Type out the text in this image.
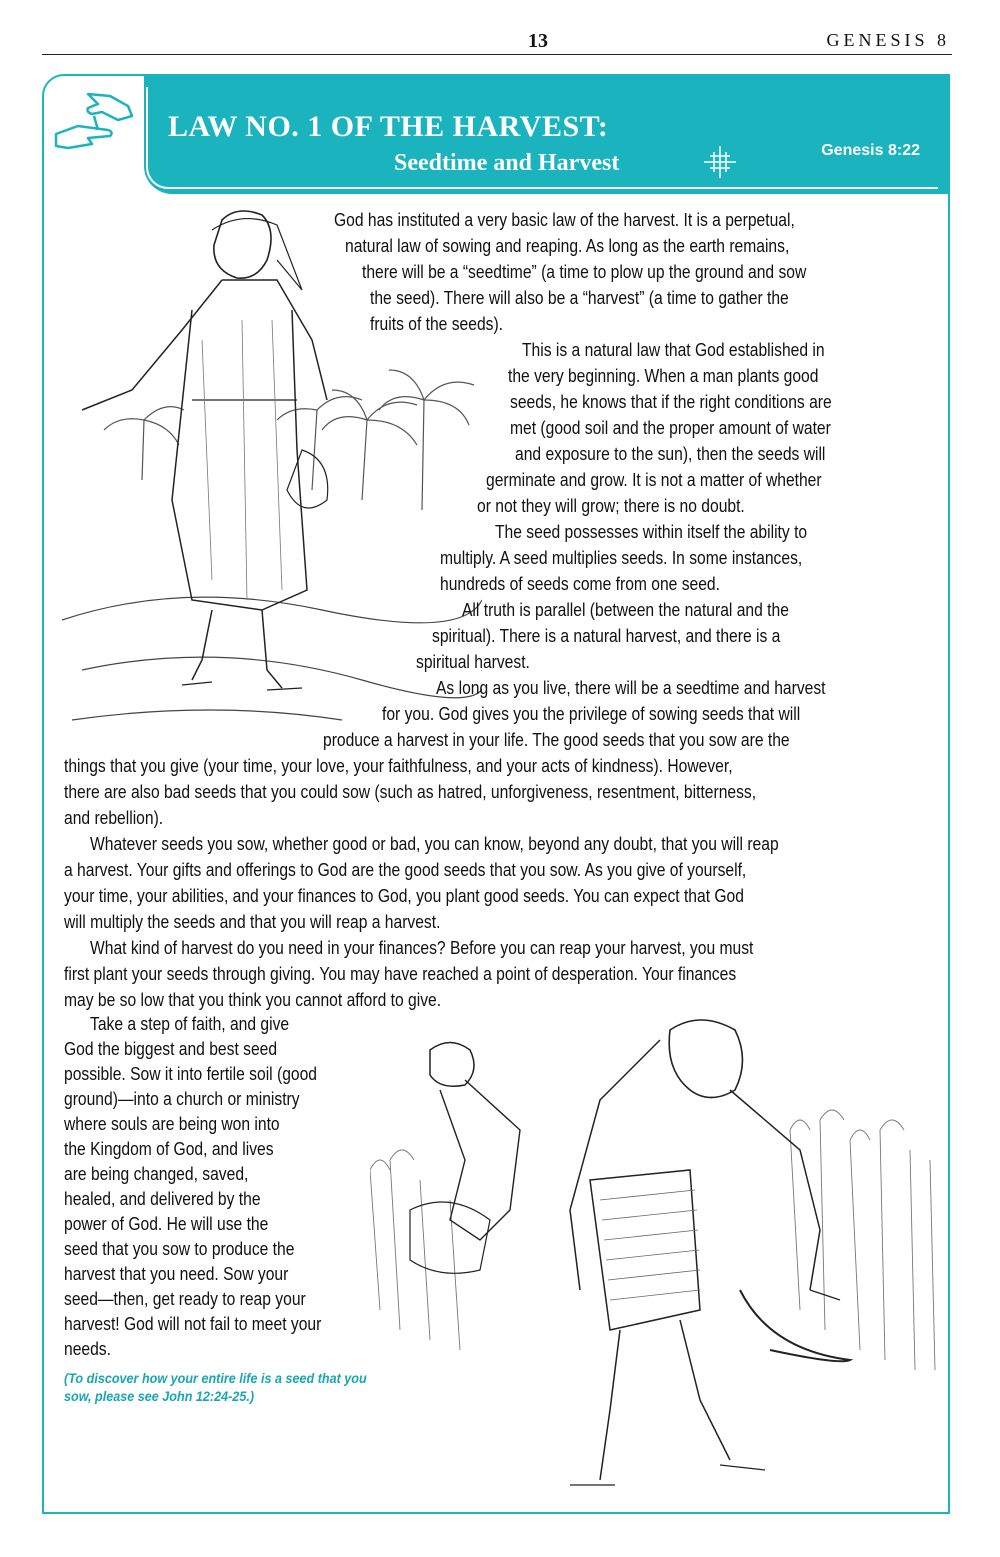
13	GENESIS 8
LAW NO. 1 OF THE HARVEST:
Seedtime and Harvest	Genesis 8:22
God has instituted a very basic law of the harvest. It is a perpetual,
natural law of sowing and reaping. As long as the earth remains,
there will be a “seedtime” (a time to plow up the ground and sow
the seed). There will also be a “harvest” (a time to gather the
fruits of the seeds).
This is a natural law that God established in
the very beginning. When a man plants good
seeds, he knows that if the right conditions are
met (good soil and the proper amount of water
and exposure to the sun), then the seeds will
germinate and grow. It is not a matter of whether
or not they will grow; there is no doubt.
The seed possesses within itself the ability to
multiply. A seed multiplies seeds. In some instances,
hundreds of seeds come from one seed.
All truth is parallel (between the natural and the
spiritual). There is a natural harvest, and there is a
spiritual harvest.
As long as you live, there will be a seedtime and harvest
for you. God gives you the privilege of sowing seeds that will
produce a harvest in your life. The good seeds that you sow are the
things that you give (your time, your love, your faithfulness, and your acts of kindness). However,
there are also bad seeds that you could sow (such as hatred, unforgiveness, resentment, bitterness,
and rebellion).
Whatever seeds you sow, whether good or bad, you can know, beyond any doubt, that you will reap
a harvest. Your gifts and offerings to God are the good seeds that you sow. As you give of yourself,
your time, your abilities, and your finances to God, you plant good seeds. You can expect that God
will multiply the seeds and that you will reap a harvest.
What kind of harvest do you need in your finances? Before you can reap your harvest, you must
first plant your seeds through giving. You may have reached a point of desperation. Your finances
may be so low that you think you cannot afford to give.
Take a step of faith, and give
God the biggest and best seed
possible. Sow it into fertile soil (good
ground)—into a church or ministry
where souls are being won into
the Kingdom of God, and lives
are being changed, saved,
healed, and delivered by the
power of God. He will use the
seed that you sow to produce the
harvest that you need. Sow your
seed—then, get ready to reap your
harvest! God will not fail to meet your
needs.
(To discover how your entire life is a seed that you
sow, please see John 12:24-25.)
